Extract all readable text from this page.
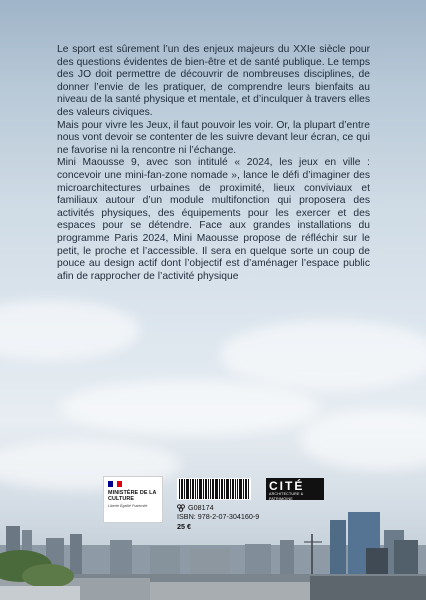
Le sport est sûrement l’un des enjeux majeurs du XXIe siècle pour des questions évidentes de bien-être et de santé publique. Le temps des JO doit permettre de découvrir de nombreuses disciplines, de donner l’envie de les pratiquer, de comprendre leurs bienfaits au niveau de la santé physique et mentale, et d’inculquer à travers elles des valeurs civiques.

Mais pour vivre les Jeux, il faut pouvoir les voir. Or, la plupart d’entre nous vont devoir se contenter de les suivre devant leur écran, ce qui ne favorise ni la rencontre ni l’échange.

Mini Maousse 9, avec son intitulé « 2024, les jeux en ville : concevoir une mini-fan-zone nomade », lance le défi d’imaginer des microarchitectures urbaines de proximité, lieux conviviaux et familiaux autour d’un module multifonction qui proposera des activités physiques, des équipements pour les exercer et des espaces pour se détendre. Face aux grandes installations du programme Paris 2024, Mini Maousse propose de réfléchir sur le petit, le proche et l’accessible. Il sera en quelque sorte un coup de pouce au design actif dont l’objectif est d’aménager l’espace public afin de rapprocher de l’activité physique

MINISTÈRE DE LA CULTURE
Liberté Égalité Fraternité	G08174
ISBN: 978-2-07-304160-9
25 €
CITÉ
ARCHITECTURE & PATRIMOINE
